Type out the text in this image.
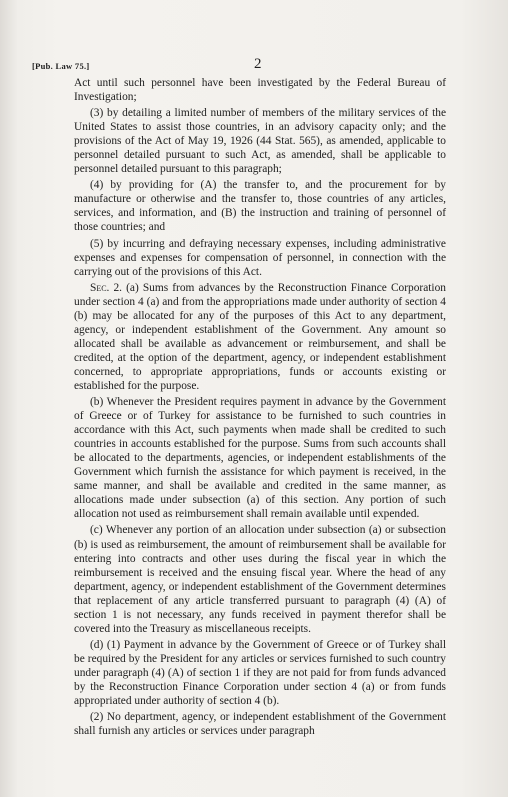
[Pub. Law 75.]	2

Act until such personnel have been investigated by the Federal Bureau of Investigation;

(3) by detailing a limited number of members of the military services of the United States to assist those countries, in an advisory capacity only; and the provisions of the Act of May 19, 1926 (44 Stat. 565), as amended, applicable to personnel detailed pursuant to such Act, as amended, shall be applicable to personnel detailed pursuant to this paragraph;

(4) by providing for (A) the transfer to, and the procurement for by manufacture or otherwise and the transfer to, those countries of any articles, services, and information, and (B) the instruction and training of personnel of those countries; and

(5) by incurring and defraying necessary expenses, including administrative expenses and expenses for compensation of personnel, in connection with the carrying out of the provisions of this Act.

Sec. 2. (a) Sums from advances by the Reconstruction Finance Corporation under section 4 (a) and from the appropriations made under authority of section 4 (b) may be allocated for any of the purposes of this Act to any department, agency, or independent establishment of the Government. Any amount so allocated shall be available as advancement or reimbursement, and shall be credited, at the option of the department, agency, or independent establishment concerned, to appropriate appropriations, funds or accounts existing or established for the purpose.

(b) Whenever the President requires payment in advance by the Government of Greece or of Turkey for assistance to be furnished to such countries in accordance with this Act, such payments when made shall be credited to such countries in accounts established for the purpose. Sums from such accounts shall be allocated to the departments, agencies, or independent establishments of the Government which furnish the assistance for which payment is received, in the same manner, and shall be available and credited in the same manner, as allocations made under subsection (a) of this section. Any portion of such allocation not used as reimbursement shall remain available until expended.

(c) Whenever any portion of an allocation under subsection (a) or subsection (b) is used as reimbursement, the amount of reimbursement shall be available for entering into contracts and other uses during the fiscal year in which the reimbursement is received and the ensuing fiscal year. Where the head of any department, agency, or independent establishment of the Government determines that replacement of any article transferred pursuant to paragraph (4) (A) of section 1 is not necessary, any funds received in payment therefor shall be covered into the Treasury as miscellaneous receipts.

(d) (1) Payment in advance by the Government of Greece or of Turkey shall be required by the President for any articles or services furnished to such country under paragraph (4) (A) of section 1 if they are not paid for from funds advanced by the Reconstruction Finance Corporation under section 4 (a) or from funds appropriated under authority of section 4 (b).

(2) No department, agency, or independent establishment of the Government shall furnish any articles or services under paragraph
